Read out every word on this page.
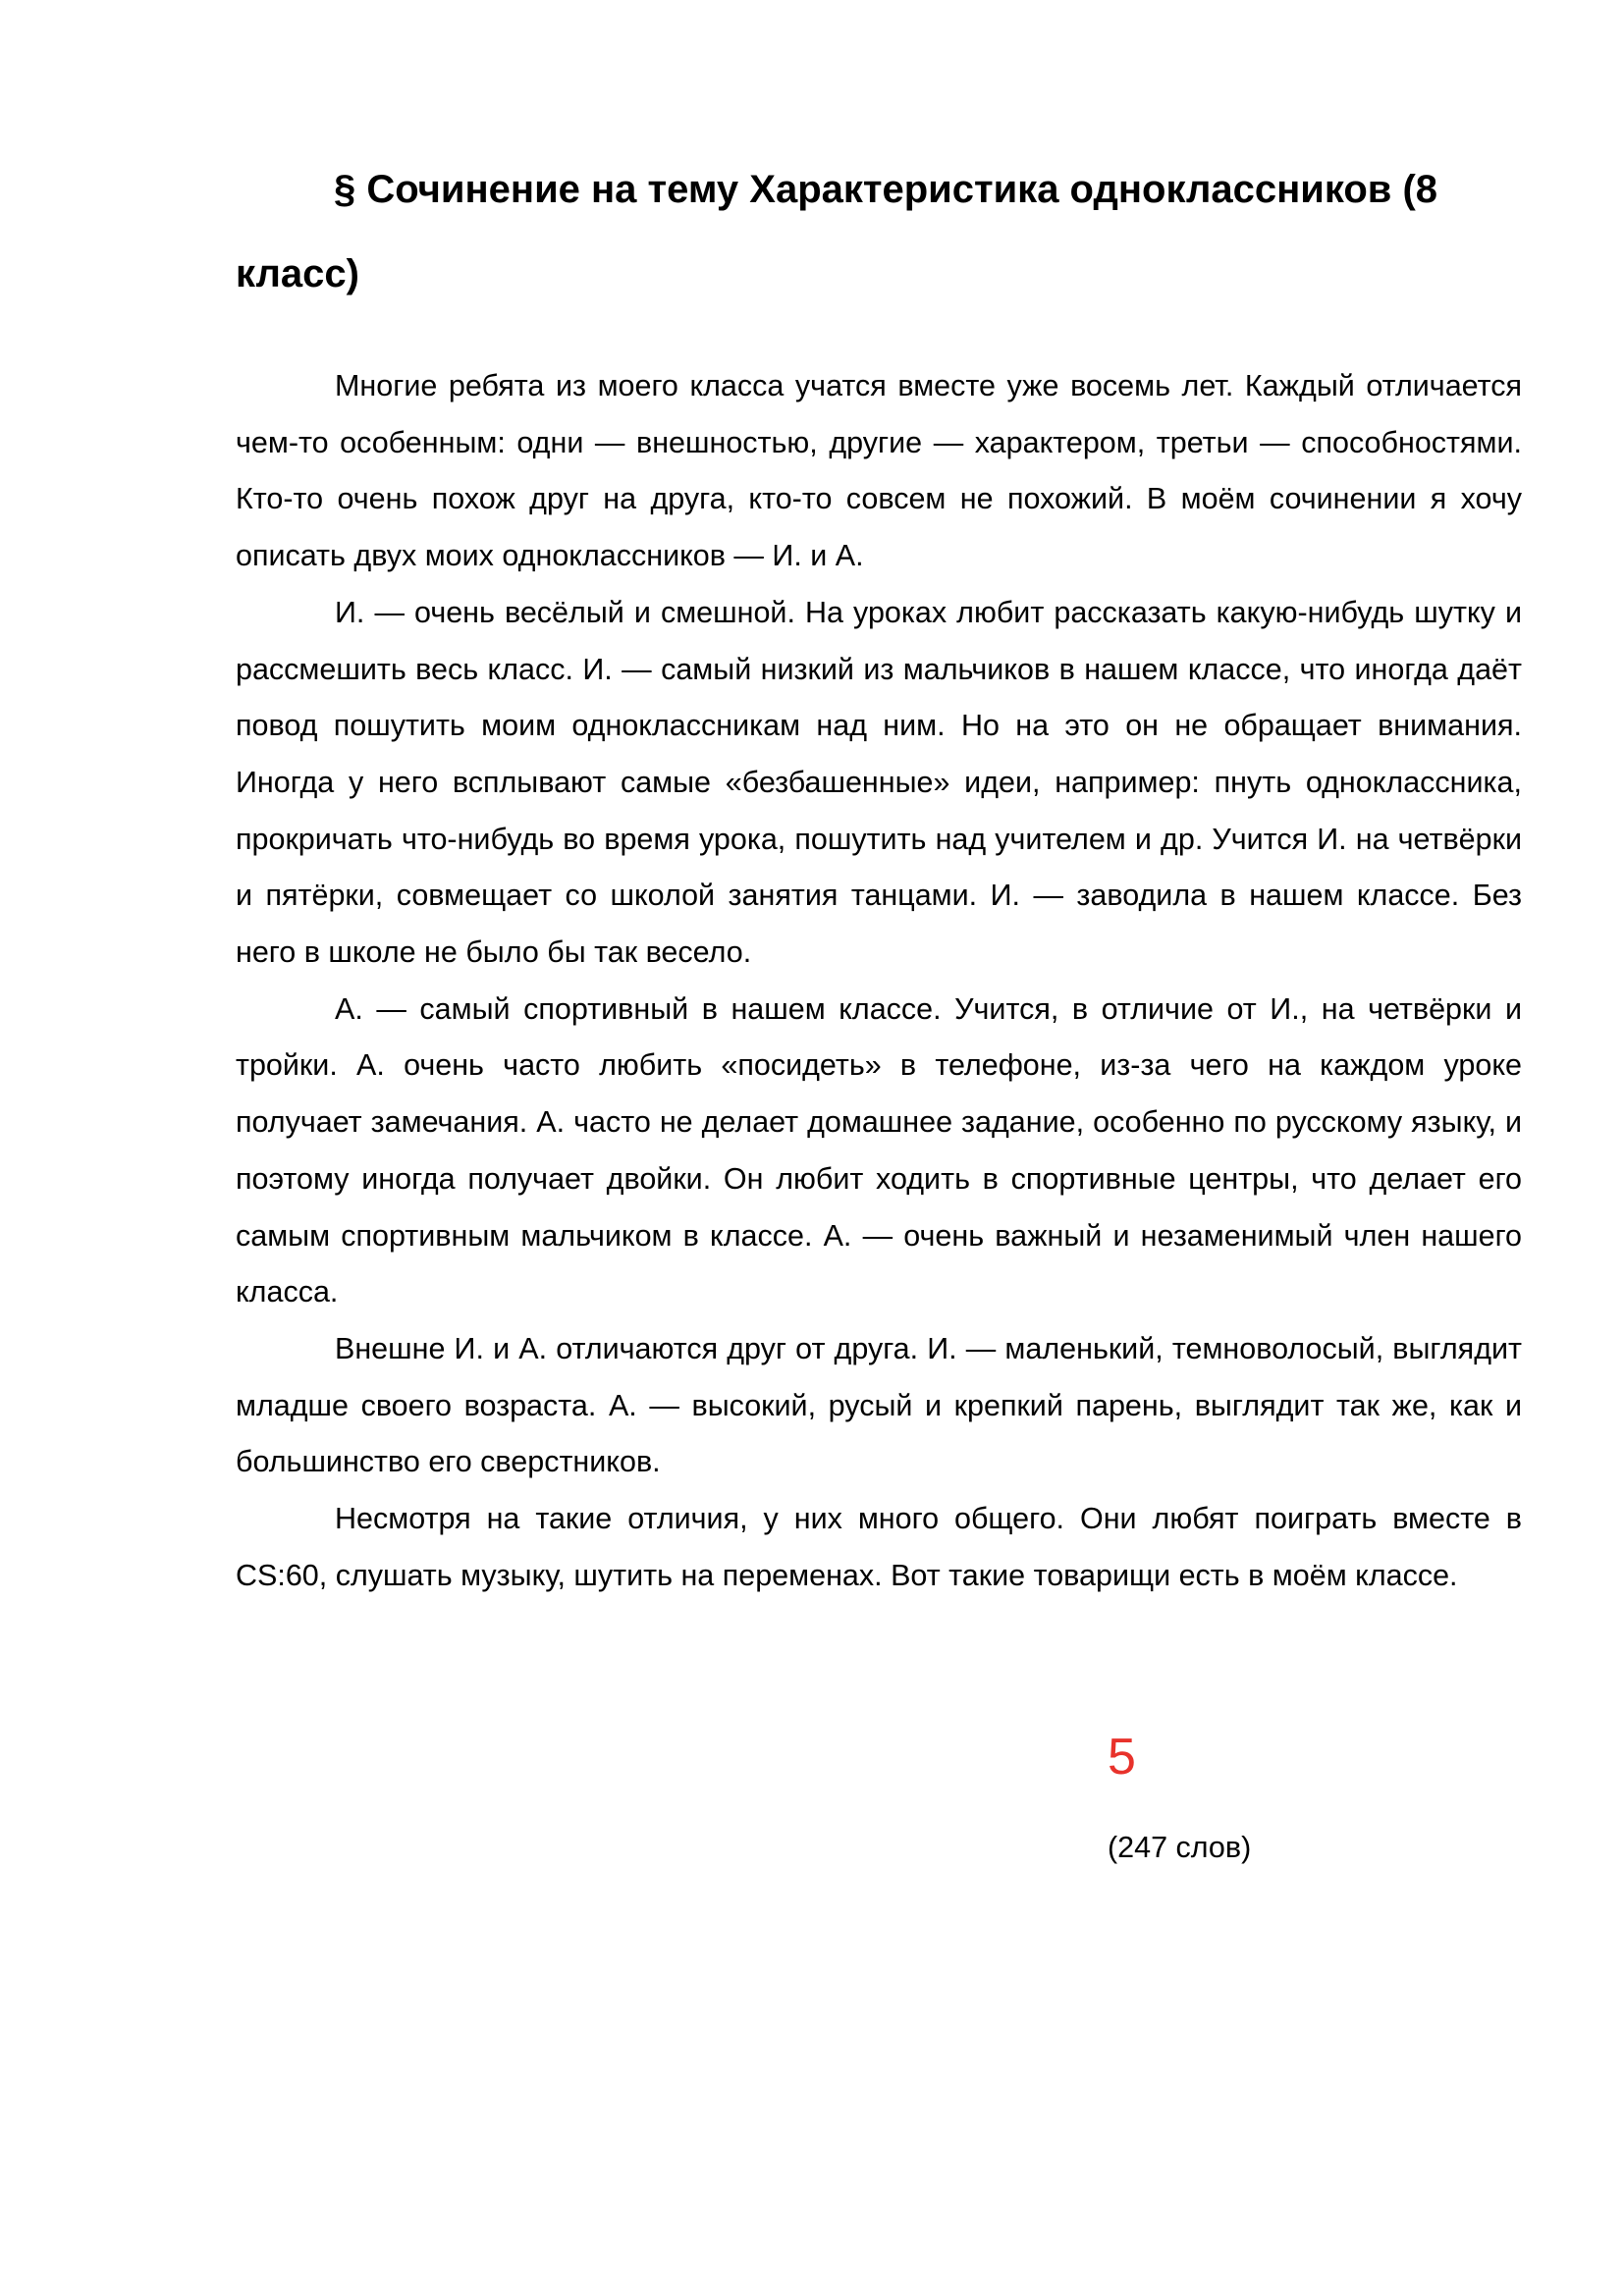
§ Сочинение на тему Характеристика одноклассников (8 класс)

Многие ребята из моего класса учатся вместе уже восемь лет. Каждый отличается чем-то особенным: одни — внешностью, другие — характером, третьи — способностями. Кто-то очень похож друг на друга, кто-то совсем не похожий. В моём сочинении я хочу описать двух моих одноклассников — И. и А.

И. — очень весёлый и смешной. На уроках любит рассказать какую-нибудь шутку и рассмешить весь класс. И. — самый низкий из мальчиков в нашем классе, что иногда даёт повод пошутить моим одноклассникам над ним. Но на это он не обращает внимания. Иногда у него всплывают самые «безбашенные» идеи, например: пнуть одноклассника, прокричать что-нибудь во время урока, пошутить над учителем и др. Учится И. на четвёрки и пятёрки, совмещает со школой занятия танцами. И. — заводила в нашем классе. Без него в школе не было бы так весело.

А. — самый спортивный в нашем классе. Учится, в отличие от И., на четвёрки и тройки. А. очень часто любить «посидеть» в телефоне, из-за чего на каждом уроке получает замечания. А. часто не делает домашнее задание, особенно по русскому языку, и поэтому иногда получает двойки. Он любит ходить в спортивные центры, что делает его самым спортивным мальчиком в классе. А. — очень важный и незаменимый член нашего класса.

Внешне И. и А. отличаются друг от друга. И. — маленький, темноволосый, выглядит младше своего возраста. А. — высокий, русый и крепкий парень, выглядит так же, как и большинство его сверстников.

Несмотря на такие отличия, у них много общего. Они любят поиграть вместе в CS:60, слушать музыку, шутить на переменах. Вот такие товарищи есть в моём классе.

5
(247 слов)
